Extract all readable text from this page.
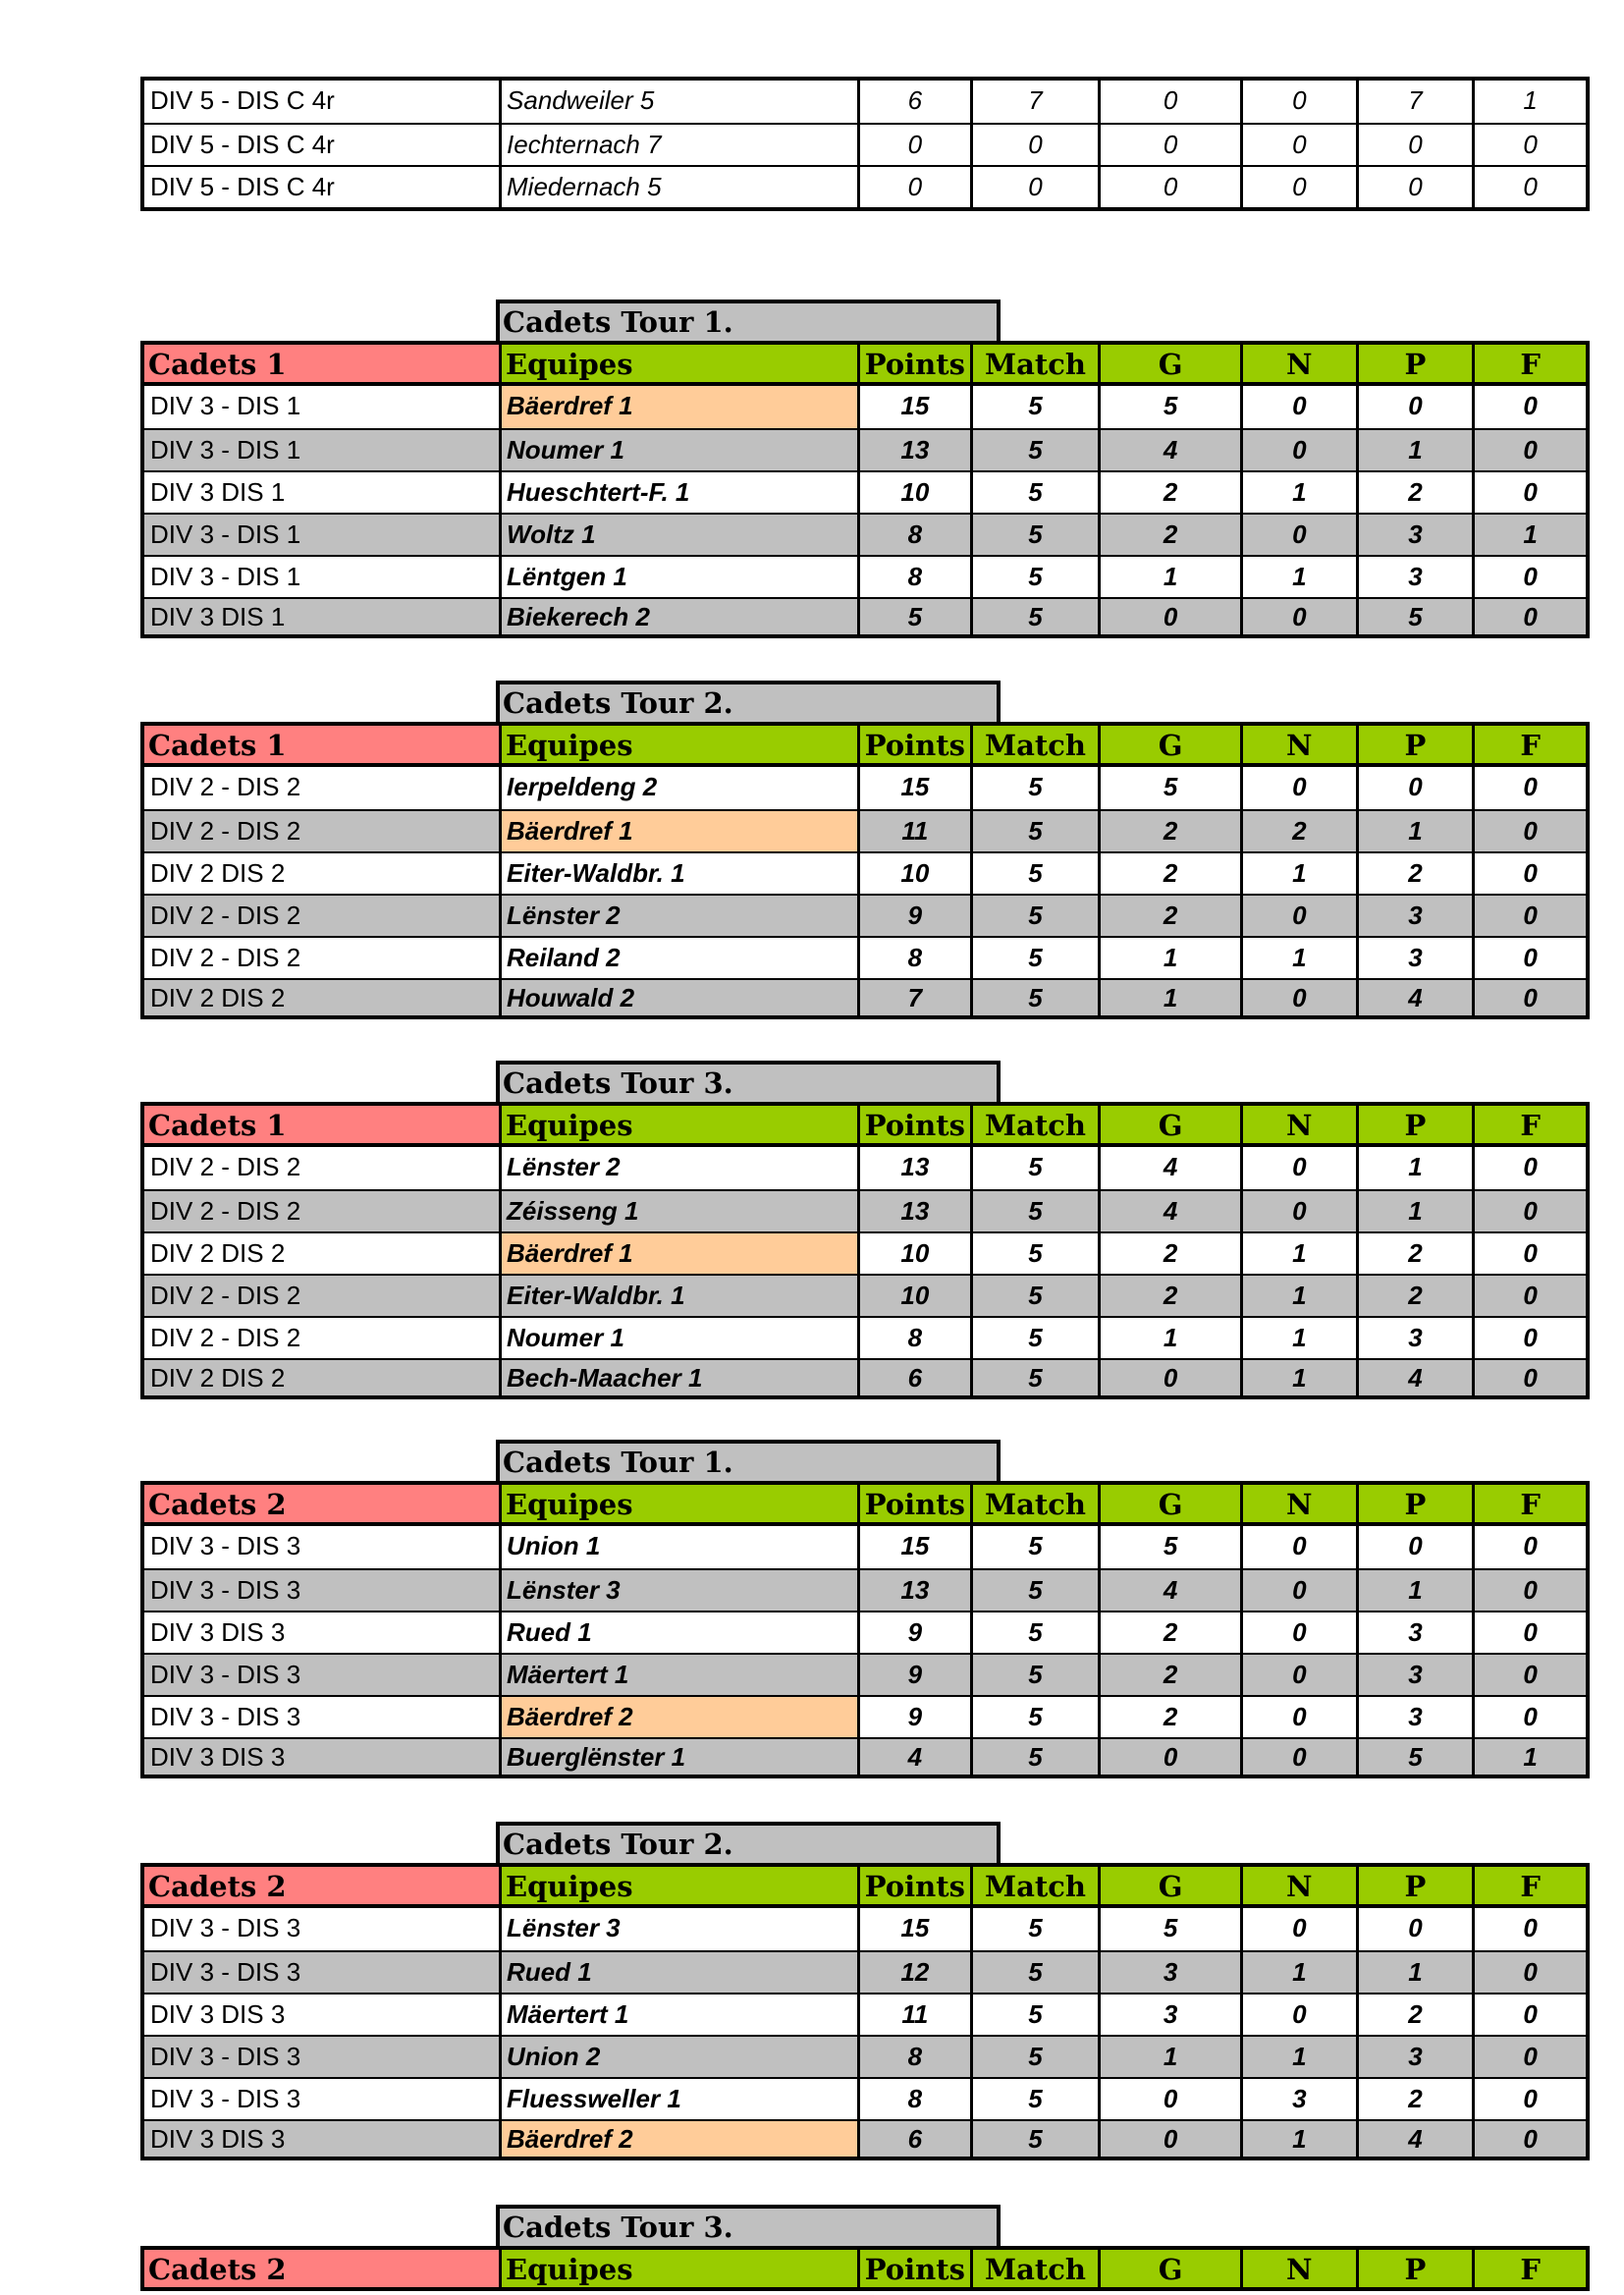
DIV 5 - DIS C 4r	Sandweiler 5	6	7	0	0	7	1
DIV 5 - DIS C 4r	Iechternach 7	0	0	0	0	0	0
DIV 5 - DIS C 4r	Miedernach 5	0	0	0	0	0	0
Cadets Tour 1.
Cadets 1	Equipes	Points Match	G	N	P	F
DIV 3 - DIS 1	Bäerdref 1	15	5	5	0	0	0
DIV 3 - DIS 1	Noumer 1	13	5	4	0	1	0
DIV 3 DIS 1	Hueschtert-F. 1	10	5	2	1	2	0
DIV 3 - DIS 1	Woltz 1	8	5	2	0	3	1
DIV 3 - DIS 1	Lëntgen 1	8	5	1	1	3	0
DIV 3 DIS 1	Biekerech 2	5	5	0	0	5	0
Cadets Tour 2.
Cadets 1	Equipes	Points Match	G	N	P	F
DIV 2 - DIS 2	Ierpeldeng 2	15	5	5	0	0	0
DIV 2 - DIS 2	Bäerdref 1	11	5	2	2	1	0
DIV 2 DIS 2	Eiter-Waldbr. 1	10	5	2	1	2	0
DIV 2 - DIS 2	Lënster 2	9	5	2	0	3	0
DIV 2 - DIS 2	Reiland 2	8	5	1	1	3	0
DIV 2 DIS 2	Houwald 2	7	5	1	0	4	0
Cadets Tour 3.
Cadets 1	Equipes	Points Match	G	N	P	F
DIV 2 - DIS 2	Lënster 2	13	5	4	0	1	0
DIV 2 - DIS 2	Zéisseng 1	13	5	4	0	1	0
DIV 2 DIS 2	Bäerdref 1	10	5	2	1	2	0
DIV 2 - DIS 2	Eiter-Waldbr. 1	10	5	2	1	2	0
DIV 2 - DIS 2	Noumer 1	8	5	1	1	3	0
DIV 2 DIS 2	Bech-Maacher 1	6	5	0	1	4	0
Cadets Tour 1.
Cadets 2	Equipes	Points Match	G	N	P	F
DIV 3 - DIS 3	Union 1	15	5	5	0	0	0
DIV 3 - DIS 3	Lënster 3	13	5	4	0	1	0
DIV 3 DIS 3	Rued 1	9	5	2	0	3	0
DIV 3 - DIS 3	Mäertert 1	9	5	2	0	3	0
DIV 3 - DIS 3	Bäerdref 2	9	5	2	0	3	0
DIV 3 DIS 3	Buerglënster 1	4	5	0	0	5	1
Cadets Tour 2.
Cadets 2	Equipes	Points Match	G	N	P	F
DIV 3 - DIS 3	Lënster 3	15	5	5	0	0	0
DIV 3 - DIS 3	Rued 1	12	5	3	1	1	0
DIV 3 DIS 3	Mäertert 1	11	5	3	0	2	0
DIV 3 - DIS 3	Union 2	8	5	1	1	3	0
DIV 3 - DIS 3	Fluessweller 1	8	5	0	3	2	0
DIV 3 DIS 3	Bäerdref 2	6	5	0	1	4	0
Cadets Tour 3.
Cadets 2	Equipes	Points Match	G	N	P	F
